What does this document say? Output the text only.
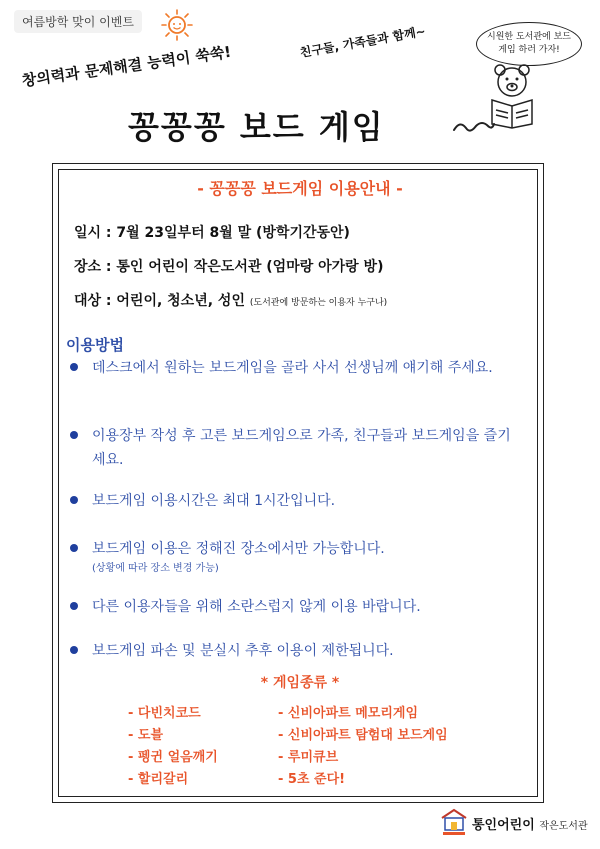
여름방학 맞이 이벤트
창의력과 문제해결 능력이 쑥쑥!
친구들, 가족들과 함께~	시원한 도서관에 보드게임 하러 가자!
꽁꽁꽁 보드 게임
- 꽁꽁꽁 보드게임 이용안내 -
일시 : 7월 23일부터 8월 말 (방학기간동안)
장소 : 통인 어린이 작은도서관 (엄마랑 아가랑 방)
대상 : 어린이, 청소년, 성인 (도서관에 방문하는 이용자 누구나)
이용방법
데스크에서 원하는 보드게임을 골라 사서 선생님께 얘기해 주세요.
이용장부 작성 후 고른 보드게임으로 가족, 친구들과 보드게임을 즐기세요.
보드게임 이용시간은 최대 1시간입니다.
보드게임 이용은 정해진 장소에서만 가능합니다.
(상황에 따라 장소 변경 가능)
다른 이용자들을 위해 소란스럽지 않게 이용 바랍니다.
보드게임 파손 및 분실시 추후 이용이 제한됩니다.
* 게임종류 *
- 다빈치코드
- 도블
- 펭귄 얼음깨기
- 할리갈리
- 신비아파트 메모리게임
- 신비아파트 탐험대 보드게임
- 루미큐브
- 5초 준다!
통인어린이 작은도서관
